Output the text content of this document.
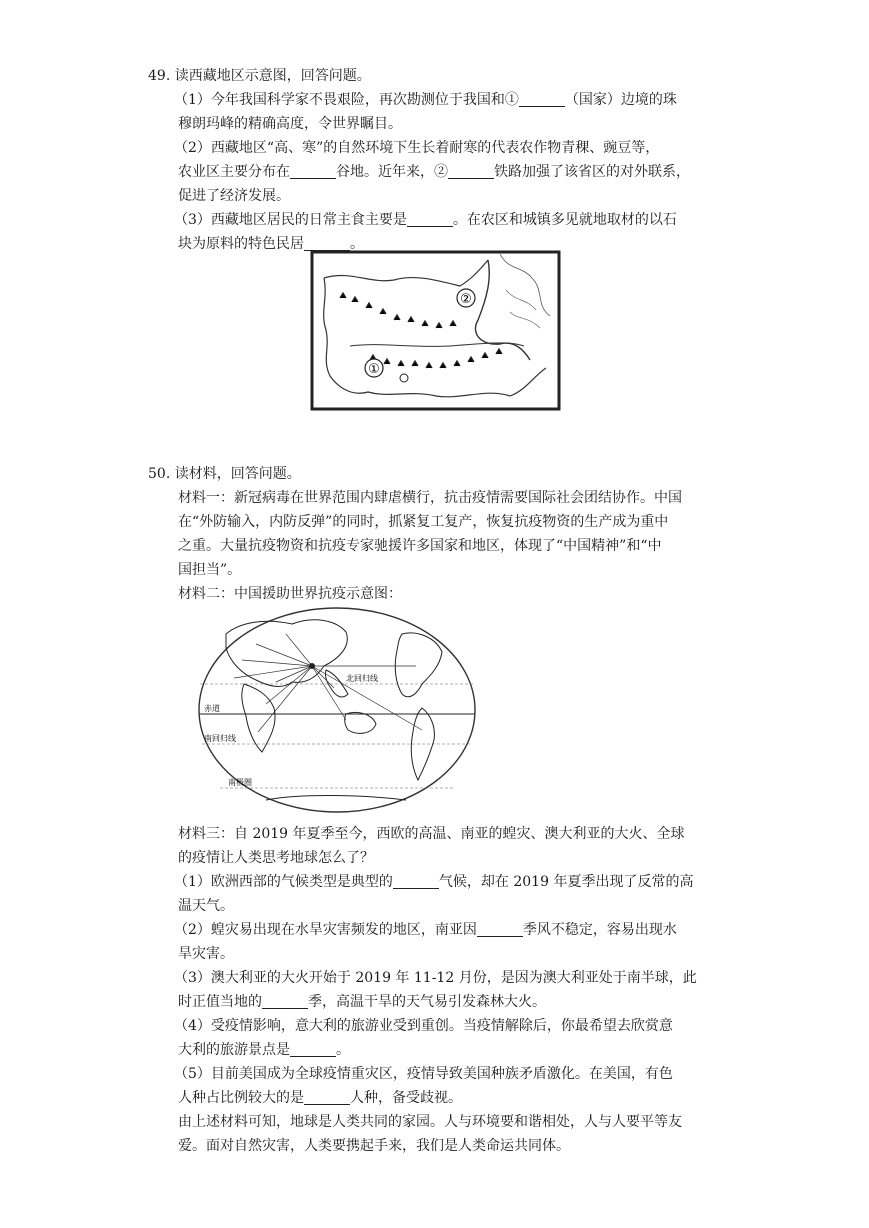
49. 读西藏地区示意图，回答问题。
（1）今年我国科学家不畏艰险，再次勘测位于我国和①	（国家）边境的珠
穆朗玛峰的精确高度，令世界瞩目。
（2）西藏地区“高、寒”的自然环境下生长着耐寒的代表农作物青稞、豌豆等，
农业区主要分布在	谷地。近年来，②	铁路加强了该省区的对外联系，
促进了经济发展。
（3）西藏地区居民的日常主食主要是	。在农区和城镇多见就地取材的以石
块为原料的特色民居	。
①
②
50. 读材料，回答问题。
材料一：新冠病毒在世界范围内肆虐横行，抗击疫情需要国际社会团结协作。中国
在“外防输入，内防反弹”的同时，抓紧复工复产，恢复抗疫物资的生产成为重中
之重。大量抗疫物资和抗疫专家驰援许多国家和地区，体现了“中国精神”和“中
国担当”。
材料二：中国援助世界抗疫示意图：
赤道
南回归线
南极圈
北回归线
材料三：自 2019 年夏季至今，西欧的高温、南亚的蝗灾、澳大利亚的大火、全球
的疫情让人类思考地球怎么了？
（1）欧洲西部的气候类型是典型的	气候，却在 2019 年夏季出现了反常的高
温天气。
（2）蝗灾易出现在水旱灾害频发的地区，南亚因	季风不稳定，容易出现水
旱灾害。
（3）澳大利亚的大火开始于 2019 年 11-12 月份，是因为澳大利亚处于南半球，此
时正值当地的	季，高温干旱的天气易引发森林大火。
（4）受疫情影响，意大利的旅游业受到重创。当疫情解除后，你最希望去欣赏意
大利的旅游景点是	。
（5）目前美国成为全球疫情重灾区，疫情导致美国种族矛盾激化。在美国，有色
人种占比例较大的是	人种，备受歧视。
由上述材料可知，地球是人类共同的家园。人与环境要和谐相处，人与人要平等友
爱。面对自然灾害，人类要携起手来，我们是人类命运共同体。
